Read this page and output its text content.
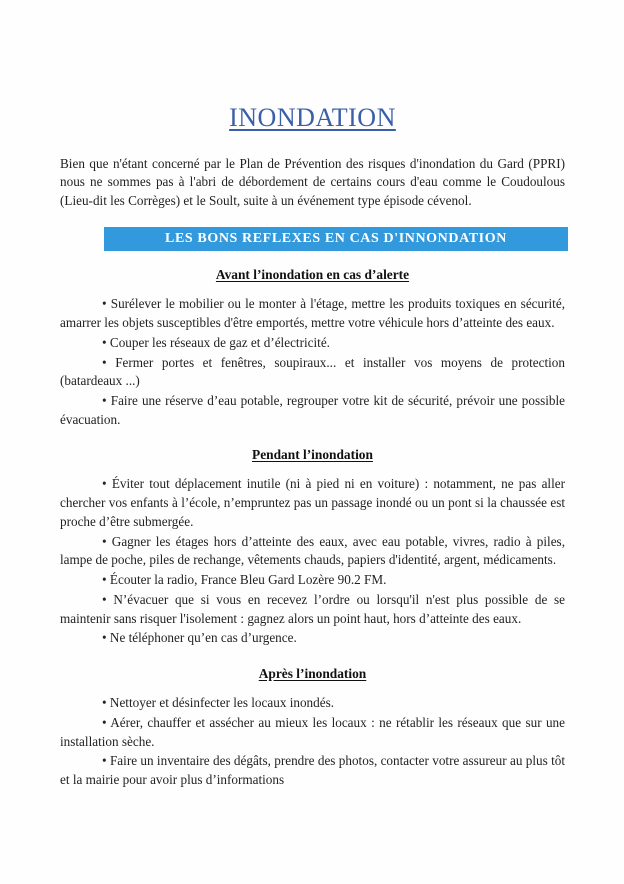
INONDATION

Bien que n'étant concerné par le Plan de Prévention des risques d'inondation du Gard (PPRI) nous ne sommes pas à l'abri de débordement de certains cours d'eau comme le Coudoulous (Lieu-dit les Corrèges) et le Soult, suite à un événement type épisode cévenol.

LES BONS REFLEXES EN CAS D'INNONDATION
Avant l’inondation en cas d’alerte

• Surélever le mobilier ou le monter à l'étage, mettre les produits toxiques en sécurité, amarrer les objets susceptibles d'être emportés, mettre votre véhicule hors d’atteinte des eaux.

• Couper les réseaux de gaz et d’électricité.

• Fermer portes et fenêtres, soupiraux... et installer vos moyens de protection (batardeaux ...)

• Faire une réserve d’eau potable, regrouper votre kit de sécurité, prévoir une possible évacuation.

Pendant l’inondation

• Éviter tout déplacement inutile (ni à pied ni en voiture) : notamment, ne pas aller chercher vos enfants à l’école, n’empruntez pas un passage inondé ou un pont si la chaussée est proche d’être submergée.

• Gagner les étages hors d’atteinte des eaux, avec eau potable, vivres, radio à piles, lampe de poche, piles de rechange, vêtements chauds, papiers d'identité, argent, médicaments.

• Écouter la radio, France Bleu Gard Lozère 90.2 FM.

• N’évacuer que si vous en recevez l’ordre ou lorsqu'il n'est plus possible de se maintenir sans risquer l'isolement : gagnez alors un point haut, hors d’atteinte des eaux.

• Ne téléphoner qu’en cas d’urgence.

Après l’inondation

• Nettoyer et désinfecter les locaux inondés.

• Aérer, chauffer et assécher au mieux les locaux : ne rétablir les réseaux que sur une installation sèche.

• Faire un inventaire des dégâts, prendre des photos, contacter votre assureur au plus tôt et la mairie pour avoir plus d’informations
